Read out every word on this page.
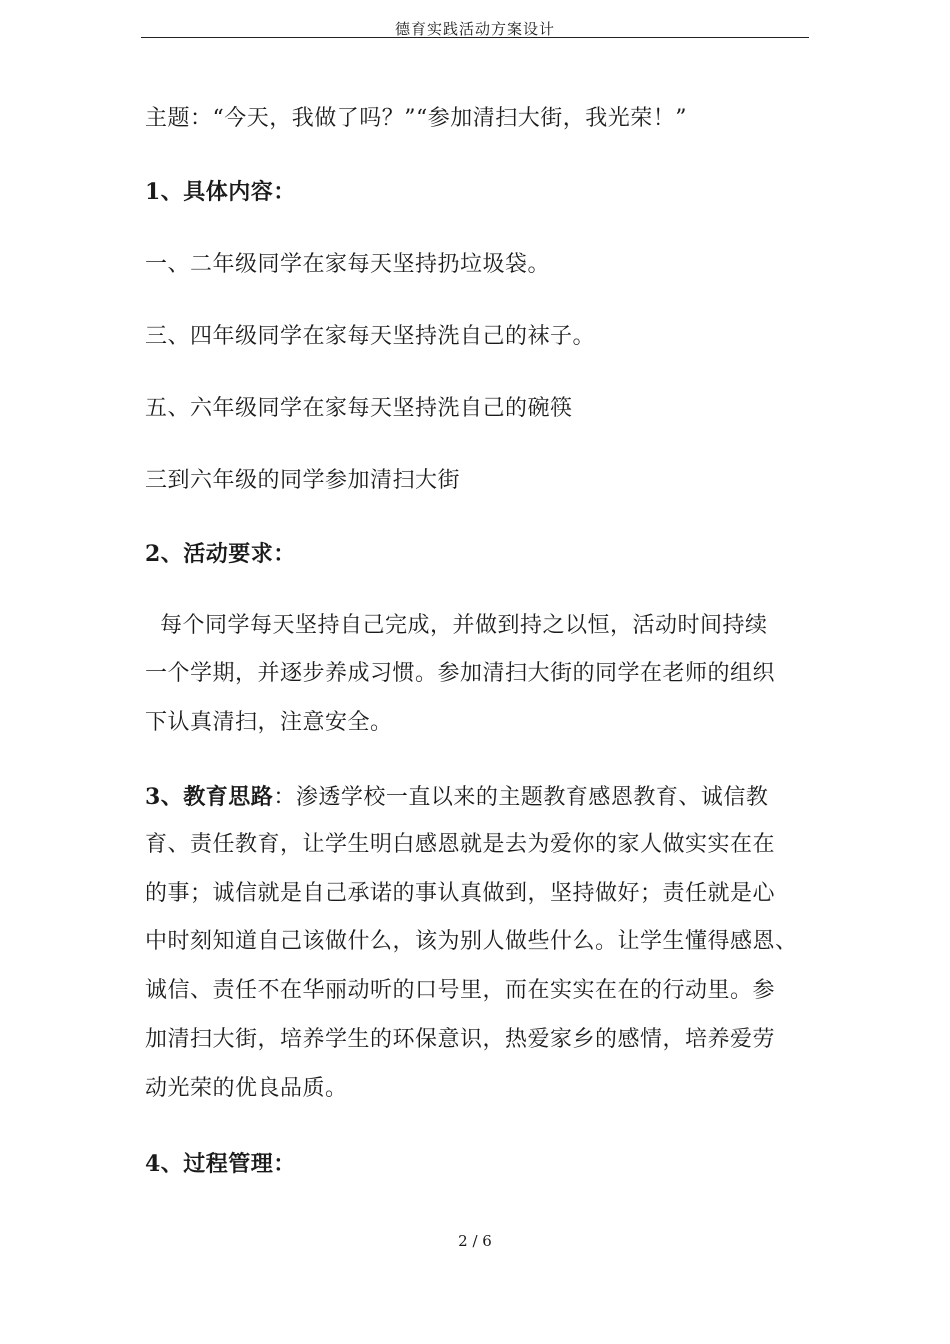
德育实践活动方案设计
主题：“今天，我做了吗？”“参加清扫大街，我光荣！”
1、具体内容：
一、二年级同学在家每天坚持扔垃圾袋。
三、四年级同学在家每天坚持洗自己的袜子。
五、六年级同学在家每天坚持洗自己的碗筷
三到六年级的同学参加清扫大街
2、活动要求：
每个同学每天坚持自己完成，并做到持之以恒，活动时间持续
一个学期，并逐步养成习惯。参加清扫大街的同学在老师的组织
下认真清扫，注意安全。
3、教育思路：渗透学校一直以来的主题教育感恩教育、诚信教
育、责任教育，让学生明白感恩就是去为爱你的家人做实实在在
的事；诚信就是自己承诺的事认真做到，坚持做好；责任就是心
中时刻知道自己该做什么，该为别人做些什么。让学生懂得感恩、
诚信、责任不在华丽动听的口号里，而在实实在在的行动里。参
加清扫大街，培养学生的环保意识，热爱家乡的感情，培养爱劳
动光荣的优良品质。
4、过程管理：
2 / 6
